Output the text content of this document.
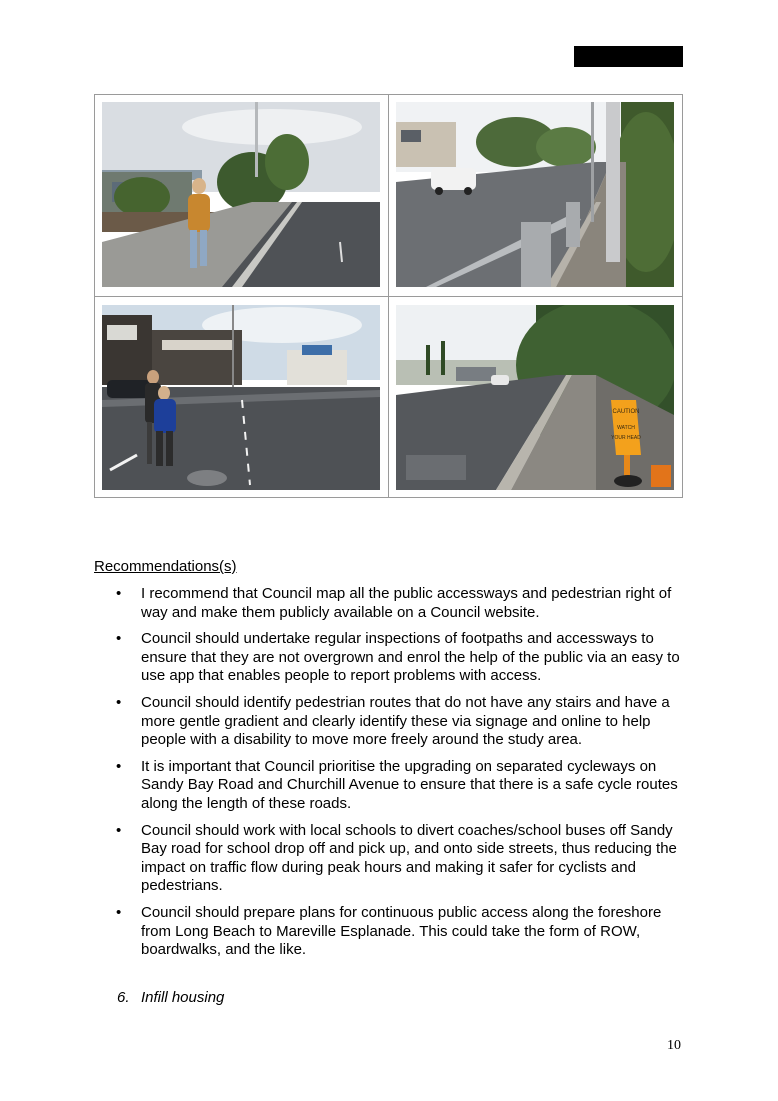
CAUTION
WATCH
YOUR HEAD
Recommendations(s)
• I recommend that Council map all the public accessways and pedestrian right of way and make them publicly available on a Council website.
• Council should undertake regular inspections of footpaths and accessways to ensure that they are not overgrown and enrol the help of the public via an easy to use app that enables people to report problems with access.
• Council should identify pedestrian routes that do not have any stairs and have a more gentle gradient and clearly identify these via signage and online to help people with a disability to move more freely around the study area.
• It is important that Council prioritise the upgrading on separated cycleways on Sandy Bay Road and Churchill Avenue to ensure that there is a safe cycle routes along the length of these roads.
• Council should work with local schools to divert coaches/school buses off Sandy Bay road for school drop off and pick up, and onto side streets, thus reducing the impact on traffic flow during peak hours and making it safer for cyclists and pedestrians.
• Council should prepare plans for continuous public access along the foreshore from Long Beach to Mareville Esplanade. This could take the form of ROW, boardwalks, and the like.
6. Infill housing
10
